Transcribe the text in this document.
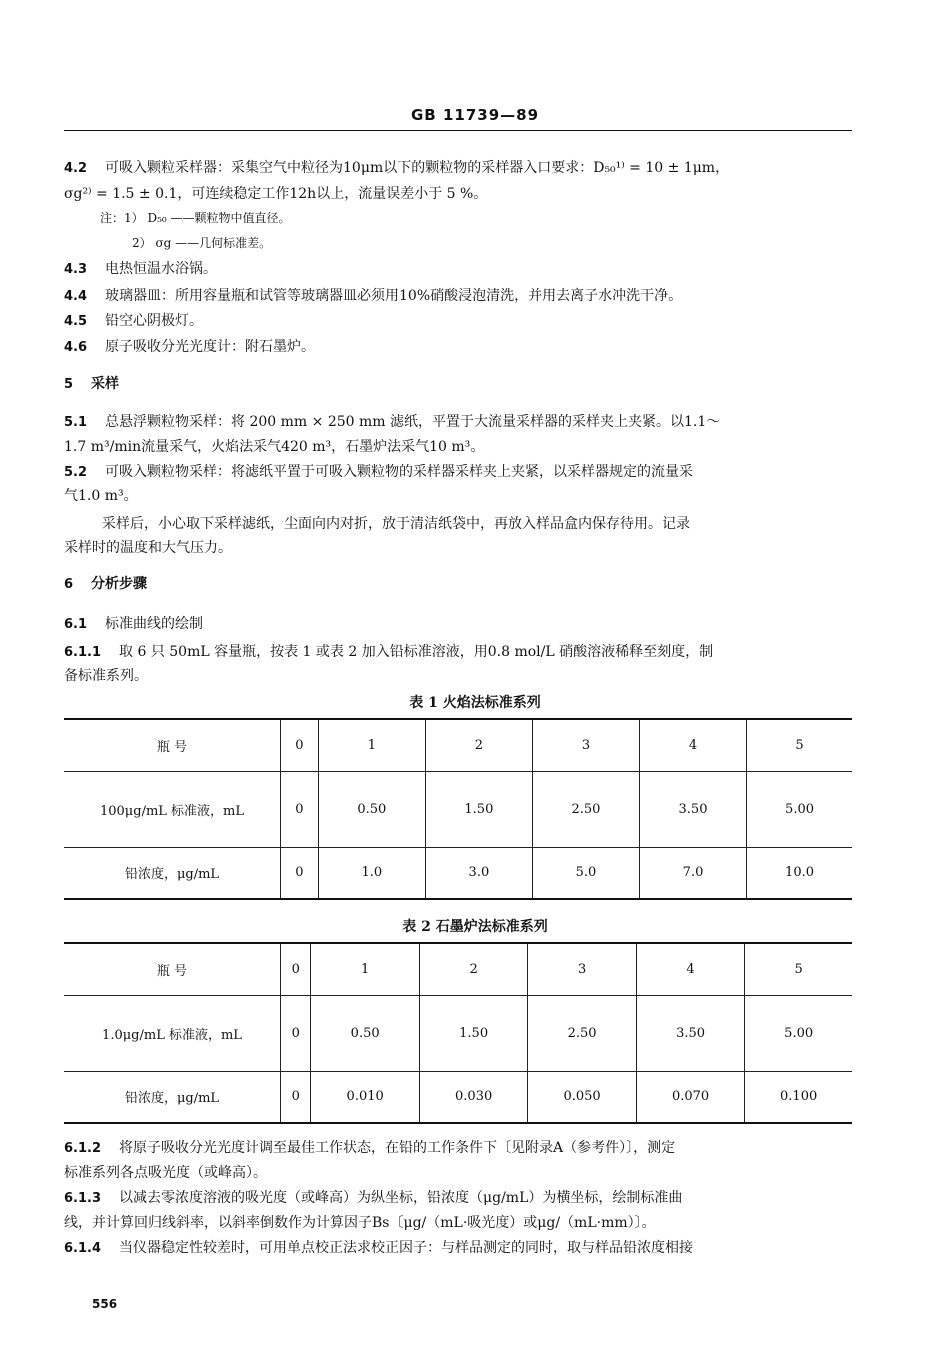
GB 11739—89
4.2 可吸入颗粒采样器：采集空气中粒径为10μm以下的颗粒物的采样器入口要求：D₅₀¹⁾ = 10 ± 1μm，
σg²⁾ = 1.5 ± 0.1，可连续稳定工作12h以上，流量误差小于 5 %。
注：1） D₅₀ ——颗粒物中值直径。
2） σg ——几何标准差。
4.3 电热恒温水浴锅。
4.4 玻璃器皿：所用容量瓶和试管等玻璃器皿必须用10%硝酸浸泡清洗，并用去离子水冲洗干净。
4.5 铅空心阴极灯。
4.6 原子吸收分光光度计：附石墨炉。
5 采样
5.1 总悬浮颗粒物采样：将 200 mm × 250 mm 滤纸，平置于大流量采样器的采样夹上夹紧。以1.1～
1.7 m³/min流量采气，火焰法采气420 m³，石墨炉法采气10 m³。
5.2 可吸入颗粒物采样：将滤纸平置于可吸入颗粒物的采样器采样夹上夹紧，以采样器规定的流量采
气1.0 m³。
采样后，小心取下采样滤纸，尘面向内对折，放于清洁纸袋中，再放入样品盒内保存待用。记录
采样时的温度和大气压力。
6 分析步骤
6.1 标准曲线的绘制
6.1.1 取 6 只 50mL 容量瓶，按表 1 或表 2 加入铅标准溶液，用0.8 mol/L 硝酸溶液稀释至刻度，制
备标准系列。
表 1 火焰法标准系列
瓶 号	0	1	2	3	4	5
100μg/mL 标准液，mL	0	0.50	1.50	2.50	3.50	5.00
铅浓度，μg/mL	0	1.0	3.0	5.0	7.0	10.0
表 2 石墨炉法标准系列
瓶 号	0	1	2	3	4	5
1.0μg/mL 标准液，mL	0	0.50	1.50	2.50	3.50	5.00
铅浓度，μg/mL	0	0.010	0.030	0.050	0.070	0.100
6.1.2 将原子吸收分光光度计调至最佳工作状态，在铅的工作条件下〔见附录A（参考件）〕，测定
标准系列各点吸光度（或峰高）。
6.1.3 以减去零浓度溶液的吸光度（或峰高）为纵坐标，铅浓度（μg/mL）为横坐标，绘制标准曲
线，并计算回归线斜率，以斜率倒数作为计算因子Bs〔μg/（mL·吸光度）或μg/（mL·mm）〕。
6.1.4 当仪器稳定性较差时，可用单点校正法求校正因子：与样品测定的同时，取与样品铅浓度相接
556
